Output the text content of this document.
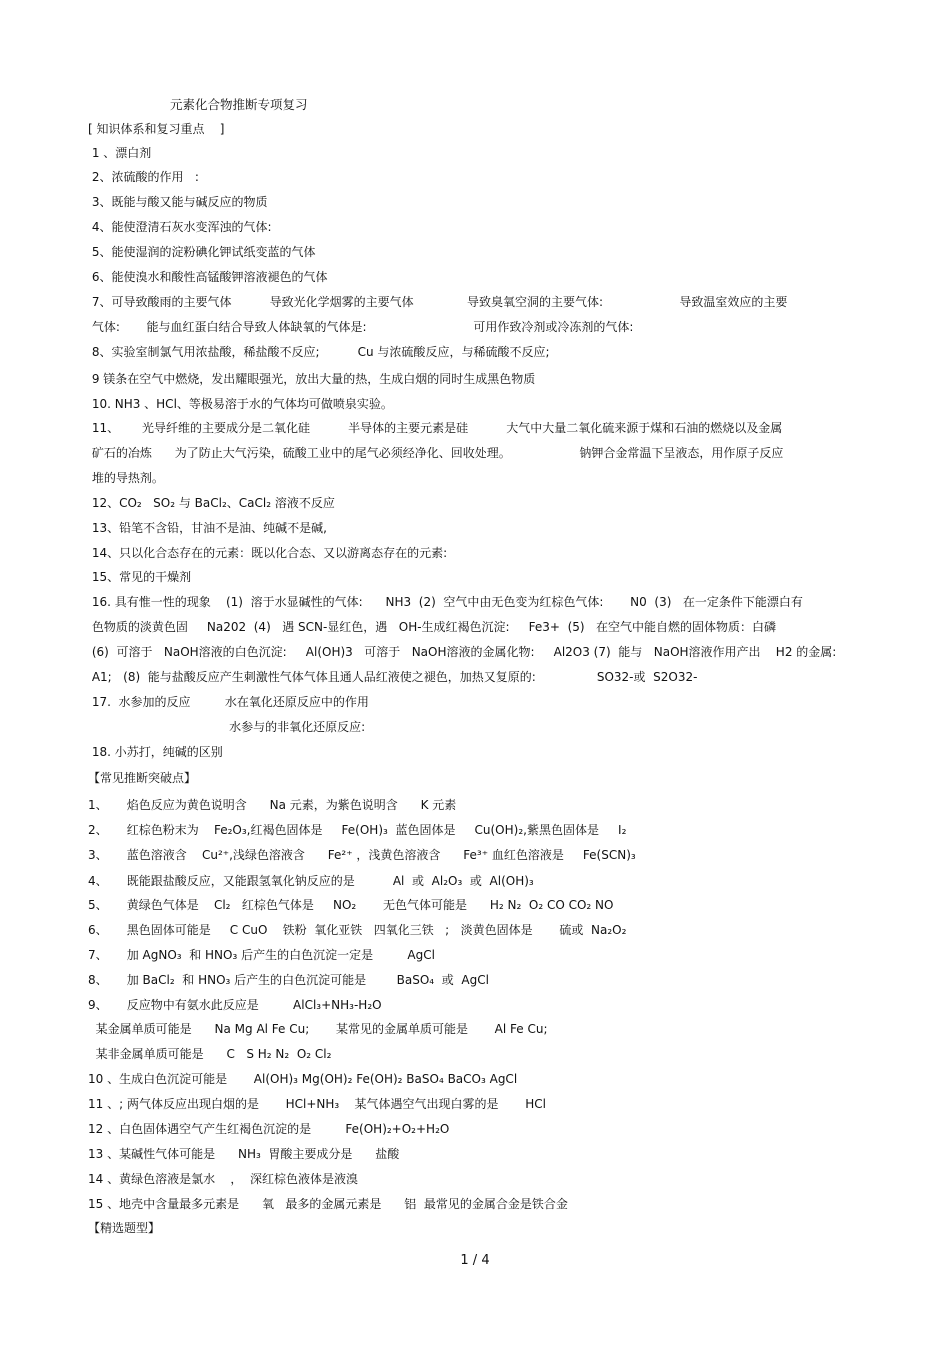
元素化合物推断专项复习
[ 知识体系和复习重点    ]
1 、漂白剂
2、浓硫酸的作用   :
3、既能与酸又能与碱反应的物质
4、能使澄清石灰水变浑浊的气体:
5、能使湿润的淀粉碘化钾试纸变蓝的气体
6、能使溴水和酸性高锰酸钾溶液褪色的气体
7、可导致酸雨的主要气体          导致光化学烟雾的主要气体              导致臭氧空洞的主要气体:                    导致温室效应的主要
气体:       能与血红蛋白结合导致人体缺氧的气体是:                            可用作致冷剂或冷冻剂的气体:
8、实验室制氯气用浓盐酸，稀盐酸不反应;          Cu 与浓硫酸反应，与稀硫酸不反应;
9 镁条在空气中燃烧，发出耀眼强光，放出大量的热，生成白烟的同时生成黑色物质
10. NH3 、HCl、等极易溶于水的气体均可做喷泉实验。
11、      光导纤维的主要成分是二氧化硅          半导体的主要元素是硅          大气中大量二氧化硫来源于煤和石油的燃烧以及金属
矿石的冶炼      为了防止大气污染，硫酸工业中的尾气必须经净化、回收处理。                  钠钾合金常温下呈液态，用作原子反应
堆的导热剂。
12、CO₂   SO₂ 与 BaCl₂、CaCl₂ 溶液不反应
13、铅笔不含铅，甘油不是油、纯碱不是碱,
14、只以化合态存在的元素：既以化合态、又以游离态存在的元素:
15、常见的干燥剂
16. 具有惟一性的现象    (1)  溶于水显碱性的气体:      NH3  (2)  空气中由无色变为红棕色气体:       N0  (3)   在一定条件下能漂白有
色物质的淡黄色固     Na202  (4)   遇 SCN-显红色，遇   OH-生成红褐色沉淀:     Fe3+  (5)   在空气中能自燃的固体物质：白磷
(6)  可溶于   NaOH溶液的白色沉淀:     Al(OH)3   可溶于   NaOH溶液的金属化物:     Al2O3 (7)  能与   NaOH溶液作用产出    H2 的金属:
A1;   (8)  能与盐酸反应产生刺激性气体气体且通人品红液使之褪色，加热又复原的:                SO32-或  S2O32-
17.  水参加的反应         水在氧化还原反应中的作用
水参与的非氧化还原反应:
18. 小苏打，纯碱的区别
【常见推断突破点】
1、     焰色反应为黄色说明含      Na 元素，为紫色说明含      K 元素
2、     红棕色粉末为    Fe₂O₃,红褐色固体是     Fe(OH)₃  蓝色固体是     Cu(OH)₂,紫黑色固体是     I₂
3、     蓝色溶液含    Cu²⁺,浅绿色溶液含      Fe²⁺ ，浅黄色溶液含      Fe³⁺ 血红色溶液是     Fe(SCN)₃
4、     既能跟盐酸反应，又能跟氢氧化钠反应的是          Al  或  Al₂O₃  或  Al(OH)₃
5、     黄绿色气体是    Cl₂   红棕色气体是     NO₂       无色气体可能是      H₂ N₂  O₂ CO CO₂ NO
6、     黑色固体可能是     C CuO    铁粉  氧化亚铁   四氧化三铁   ;   淡黄色固体是       硫或  Na₂O₂
7、     加 AgNO₃  和 HNO₃ 后产生的白色沉淀一定是         AgCl
8、     加 BaCl₂  和 HNO₃ 后产生的白色沉淀可能是        BaSO₄  或  AgCl
9、     反应物中有氨水此反应是         AlCl₃+NH₃-H₂O
某金属单质可能是      Na Mg Al Fe Cu;       某常见的金属单质可能是       Al Fe Cu;
某非金属单质可能是      C   S H₂ N₂  O₂ Cl₂
10 、生成白色沉淀可能是       Al(OH)₃ Mg(OH)₂ Fe(OH)₂ BaSO₄ BaCO₃ AgCl
11 、; 两气体反应出现白烟的是       HCl+NH₃    某气体遇空气出现白雾的是       HCl
12 、白色固体遇空气产生红褐色沉淀的是         Fe(OH)₂+O₂+H₂O
13 、某碱性气体可能是      NH₃  胃酸主要成分是      盐酸
14 、黄绿色溶液是氯水    ，  深红棕色液体是液溴
15 、地壳中含量最多元素是      氧   最多的金属元素是      铝  最常见的金属合金是铁合金
【精选题型】
1 / 4
